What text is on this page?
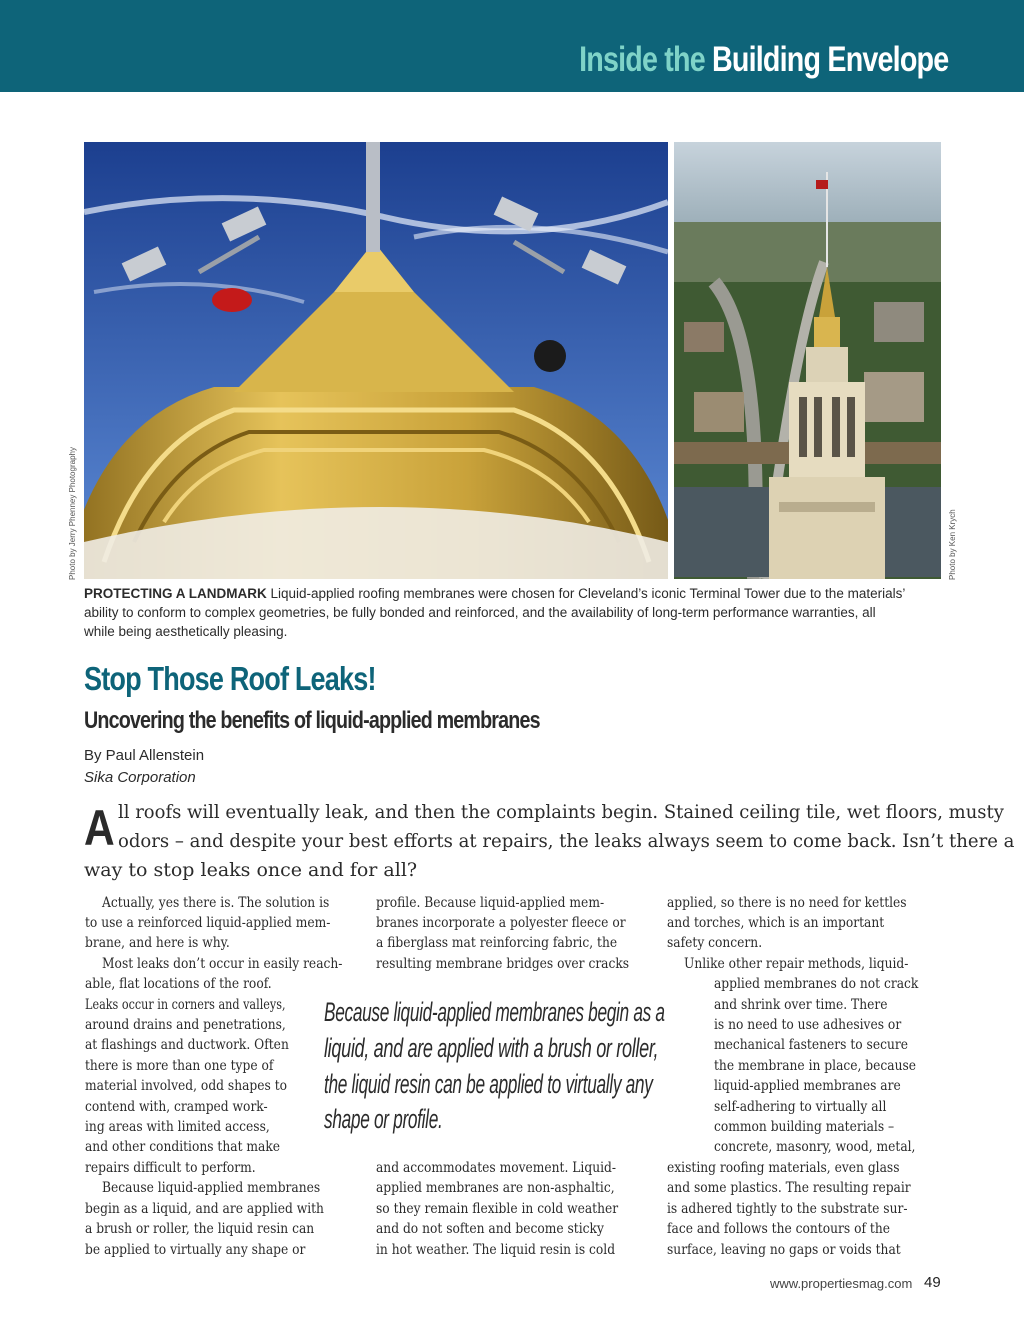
Inside the Building Envelope
Photo by Jerry Phenney Photography	Photo by Ken Krych
PROTECTING A LANDMARK Liquid-applied roofing membranes were chosen for Cleveland’s iconic Terminal Tower due to the materials’
ability to conform to complex geometries, be fully bonded and reinforced, and the availability of long-term performance warranties, all
while being aesthetically pleasing.
Stop Those Roof Leaks!
Uncovering the benefits of liquid-applied membranes
By Paul Allenstein
Sika Corporation
A ll roofs will eventually leak, and then the complaints begin. Stained ceiling tile, wet floors, musty
odors – and despite your best efforts at repairs, the leaks always seem to come back. Isn’t there a
way to stop leaks once and for all?
Actually, yes there is. The solution is
to use a reinforced liquid-applied mem-
brane, and here is why.
Most leaks don’t occur in easily reach-
able, flat locations of the roof.
Leaks occur in corners and valleys,
around drains and penetrations,
at flashings and ductwork. Often
there is more than one type of
material involved, odd shapes to
contend with, cramped work-
ing areas with limited access,
and other conditions that make
repairs difficult to perform.
Because liquid-applied membranes
begin as a liquid, and are applied with
a brush or roller, the liquid resin can
be applied to virtually any shape or
profile. Because liquid-applied mem-
branes incorporate a polyester fleece or
a fiberglass mat reinforcing fabric, the
resulting membrane bridges over cracks
Because liquid-applied membranes begin as a
liquid, and are applied with a brush or roller,
the liquid resin can be applied to virtually any
shape or profile.
and accommodates movement. Liquid-
applied membranes are non-asphaltic,
so they remain flexible in cold weather
and do not soften and become sticky
in hot weather. The liquid resin is cold
applied, so there is no need for kettles
and torches, which is an important
safety concern.
Unlike other repair methods, liquid-
applied membranes do not crack
and shrink over time. There
is no need to use adhesives or
mechanical fasteners to secure
the membrane in place, because
liquid-applied membranes are
self-adhering to virtually all
common building materials –
concrete, masonry, wood, metal,
existing roofing materials, even glass
and some plastics. The resulting repair
is adhered tightly to the substrate sur-
face and follows the contours of the
surface, leaving no gaps or voids that
www.propertiesmag.com 49
